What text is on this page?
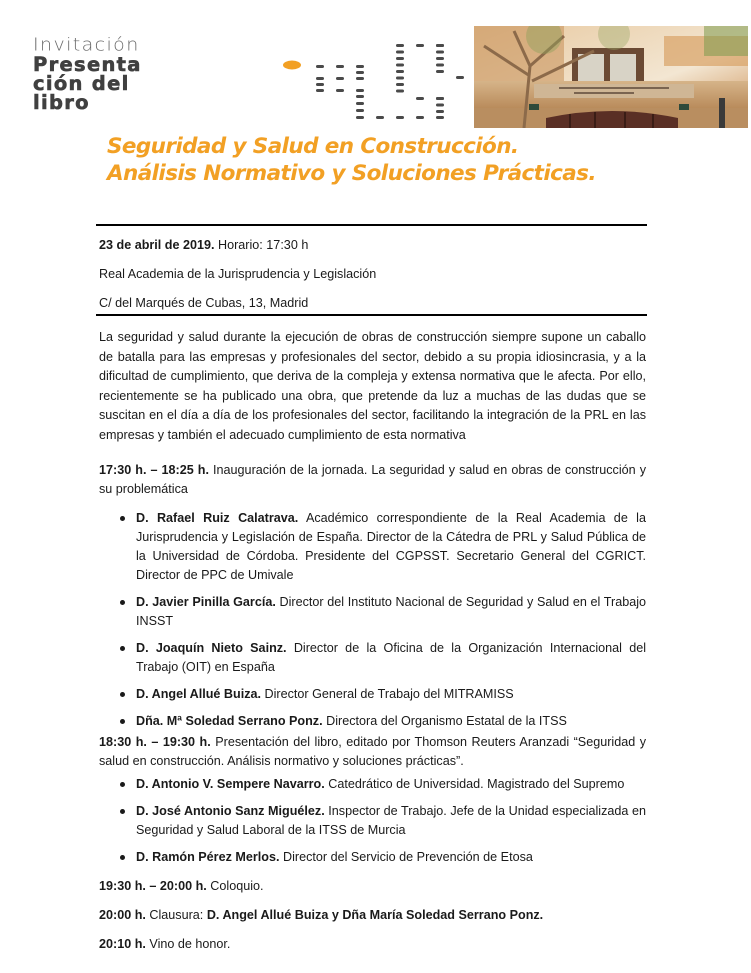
Invitación
Presenta
ción del
libro
Seguridad y Salud en Construcción.
Análisis Normativo y Soluciones Prácticas.
23 de abril de 2019. Horario: 17:30 h
Real Academia de la Jurisprudencia y Legislación
C/ del Marqués de Cubas, 13, Madrid
La seguridad y salud durante la ejecución de obras de construcción siempre supone un caballo de batalla para las empresas y profesionales del sector, debido a su propia idiosincrasia, y a la dificultad de cumplimiento, que deriva de la compleja y extensa normativa que le afecta. Por ello, recientemente se ha publicado una obra, que pretende da luz a muchas de las dudas que se suscitan en el día a día de los profesionales del sector, facilitando la integración de la PRL en las empresas y también el adecuado cumplimiento de esta normativa
17:30 h. – 18:25 h. Inauguración de la jornada. La seguridad y salud en obras de construcción y su problemática
D. Rafael Ruiz Calatrava. Académico correspondiente de la Real Academia de la Jurisprudencia y Legislación de España. Director de la Cátedra de PRL y Salud Pública de la Universidad de Córdoba. Presidente del CGPSST. Secretario General del CGRICT. Director de PPC de Umivale
D. Javier Pinilla García. Director del Instituto Nacional de Seguridad y Salud en el Trabajo INSST
D. Joaquín Nieto Sainz. Director de la Oficina de la Organización Internacional del Trabajo (OIT) en España
D. Angel Allué Buiza. Director General de Trabajo del MITRAMISS
Dña. Mª Soledad Serrano Ponz. Directora del Organismo Estatal de la ITSS
18:30 h. – 19:30 h. Presentación del libro, editado por Thomson Reuters Aranzadi “Seguridad y salud en construcción. Análisis normativo y soluciones prácticas”.
D. Antonio V. Sempere Navarro. Catedrático de Universidad. Magistrado del Supremo
D. José Antonio Sanz Miguélez. Inspector de Trabajo. Jefe de la Unidad especializada en Seguridad y Salud Laboral de la ITSS de Murcia
D. Ramón Pérez Merlos. Director del Servicio de Prevención de Etosa
19:30 h. – 20:00 h. Coloquio.
20:00 h. Clausura: D. Angel Allué Buiza y Dña María Soledad Serrano Ponz.
20:10 h. Vino de honor.
